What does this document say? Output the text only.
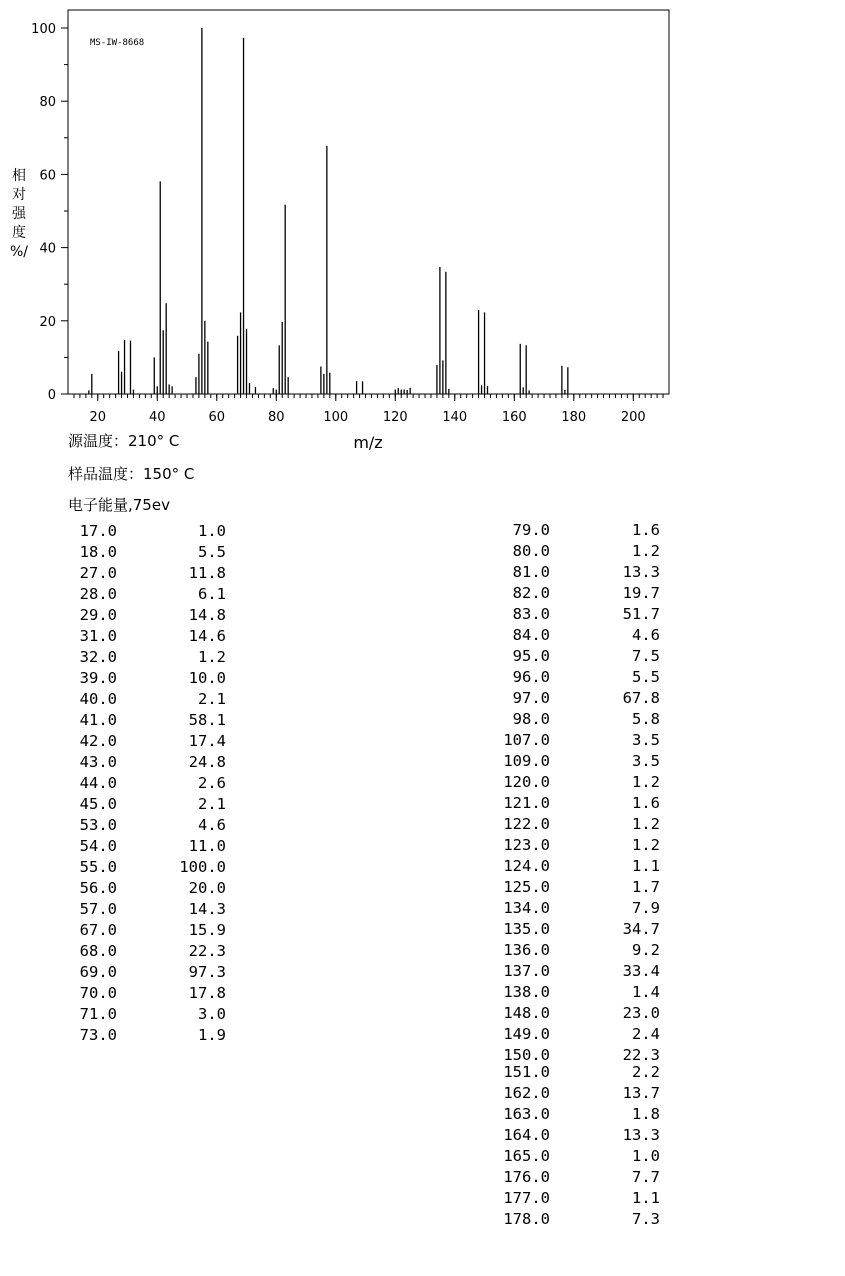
20	40	60	80	100	120	140	160	180	200
0
20
40
60
80
100
MS-IW-8668
m/z
相
对
强
度
%/
源温度：210° C
样品温度：150° C
电子能量,75ev
17.0	1.0
18.0	5.5
27.0	11.8
28.0	6.1
29.0	14.8
31.0	14.6
32.0	1.2
39.0	10.0
40.0	2.1
41.0	58.1
42.0	17.4
43.0	24.8
44.0	2.6
45.0	2.1
53.0	4.6
54.0	11.0
55.0	100.0
56.0	20.0
57.0	14.3
67.0	15.9
68.0	22.3
69.0	97.3
70.0	17.8
71.0	3.0
73.0	1.9
79.0	1.6
80.0	1.2
81.0	13.3
82.0	19.7
83.0	51.7
84.0	4.6
95.0	7.5
96.0	5.5
97.0	67.8
98.0	5.8
107.0	3.5
109.0	3.5
120.0	1.2
121.0	1.6
122.0	1.2
123.0	1.2
124.0	1.1
125.0	1.7
134.0	7.9
135.0	34.7
136.0	9.2
137.0	33.4
138.0	1.4
148.0	23.0
149.0	2.4
150.0	22.3
151.0	2.2
162.0	13.7
163.0	1.8
164.0	13.3
165.0	1.0
176.0	7.7
177.0	1.1
178.0	7.3
